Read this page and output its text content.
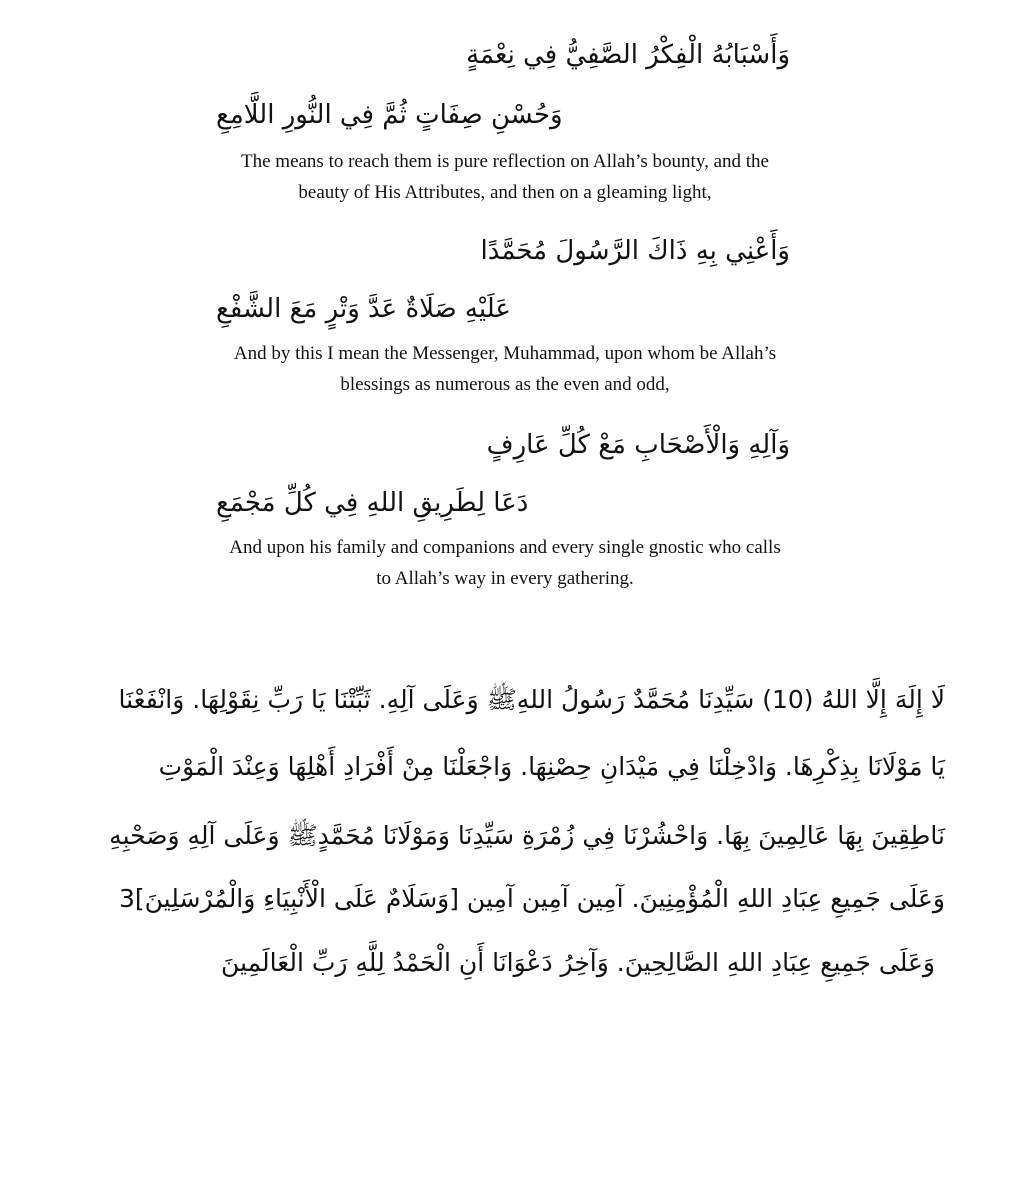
وَأَسْبَابُهُ الْفِكْرُ الصَّفِيُّ فِي نِعْمَةٍ
وَحُسْنِ صِفَاتٍ ثُمَّ فِي النُّورِ اللَّامِعِ
The means to reach them is pure reflection on Allah’s bounty, and the
beauty of His Attributes, and then on a gleaming light,
وَأَعْنِي بِهِ ذَاكَ الرَّسُولَ مُحَمَّدًا
عَلَيْهِ صَلَاةٌ عَدَّ وَتْرٍ مَعَ الشَّفْعِ
And by this I mean the Messenger, Muhammad, upon whom be Allah’s
blessings as numerous as the even and odd,
وَآلِهِ وَالْأَصْحَابِ مَعْ كُلِّ عَارِفٍ
دَعَا لِطَرِيقِ اللهِ فِي كُلِّ مَجْمَعِ
And upon his family and companions and every single gnostic who calls
to Allah’s way in every gathering.
لَا إِلَهَ إِلَّا اللهُ (10) سَيِّدِنَا مُحَمَّدٌ رَسُولُ اللهِﷺ وَعَلَى آلِهِ. ثَبِّتْنَا يَا رَبِّ نِقَوْلِهَا. وَانْفَعْنَا
يَا مَوْلَانَا بِذِكْرِهَا. وَادْخِلْنَا فِي مَيْدَانِ حِصْنِهَا. وَاجْعَلْنَا مِنْ أَفْرَادِ أَهْلِهَا وَعِنْدَ الْمَوْتِ
نَاطِقِينَ بِهَا عَالِمِينَ بِهَا. وَاحْشُرْنَا فِي زُمْرَةِ سَيِّدِنَا وَمَوْلَانَا مُحَمَّدٍﷺ وَعَلَى آلِهِ وَصَحْبِهِ
وَعَلَى جَمِيعِ عِبَادِ اللهِ الْمُؤْمِنِينَ. آمِين آمِين آمِين [وَسَلَامٌ عَلَى الْأَنْبِيَاءِ وَالْمُرْسَلِينَ]3
وَعَلَى جَمِيعِ عِبَادِ اللهِ الصَّالِحِينَ. وَآخِرُ دَعْوَانَا أَنِ الْحَمْدُ لِلَّهِ رَبِّ الْعَالَمِينَ
